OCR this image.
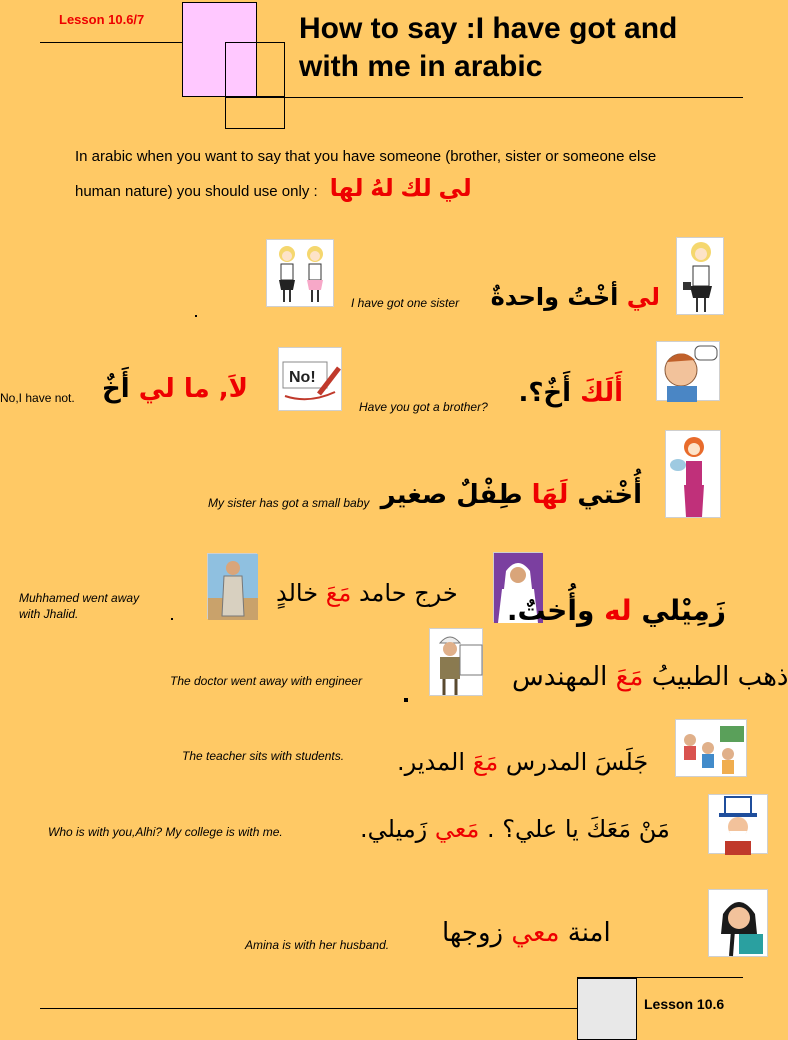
Lesson 10.6/7	How to say :I have got and
with me in arabic
In arabic when you want to say that you have someone (brother, sister or someone else
human nature) you should use only : لي لك لهُ لها
I have got one sister	لي أخْتُ واحدةٌ
No,I have not.	لاَ, ما لي أَخٌ	No!
Have you got a brother?	أَلَكَ أَخٌ؟.
My sister has got a small baby	أُخْتي لَهَا طِفْلٌ صغير
Muhhamed went away with Jhalid.
خرج حامد مَعَ خالدٍ
زَمِيْلي له وأُختٌ.
The doctor went away with engineer	ذهب الطبيبُ مَعَ المهندس
The teacher sits with students.	جَلَسَ المدرس مَعَ المدير.
Who is with you,Alhi? My college is with me.	مَنْ مَعَكَ يا علي؟ . مَعي زَميلي.
Amina is with her husband.	امنة معي زوجها
Lesson 10.6
